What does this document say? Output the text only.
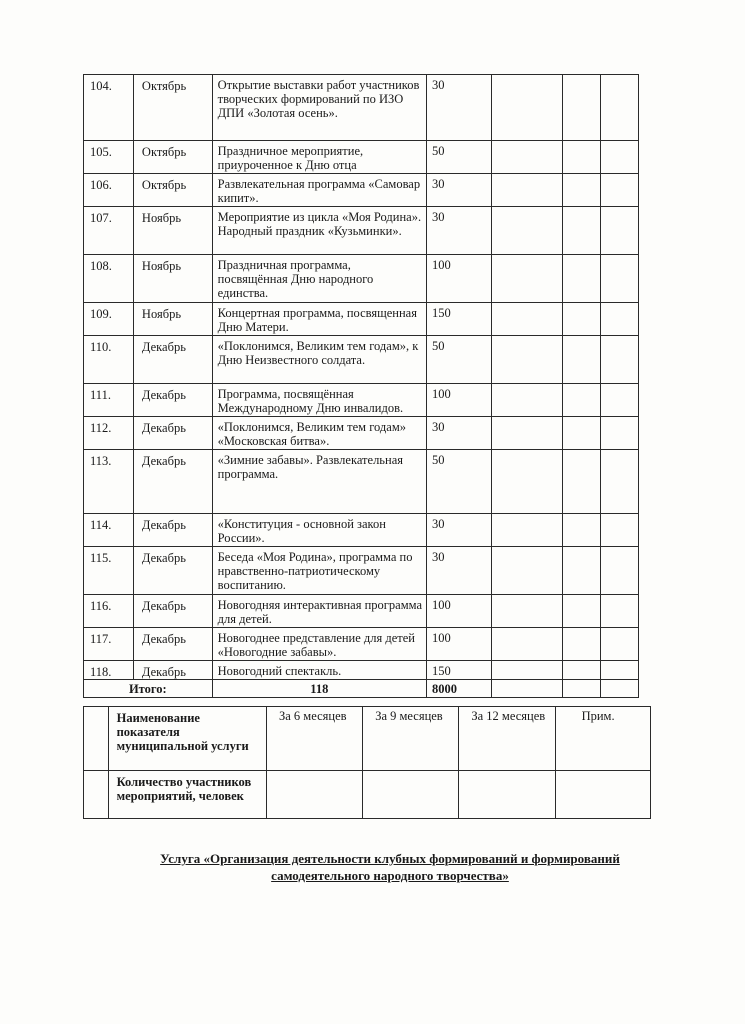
104.	Октябрь	Открытие выставки работ участников творческих формирований по ИЗО ДПИ «Золотая осень».	30			
105.	Октябрь	Праздничное мероприятие, приуроченное к Дню отца	50			
106.	Октябрь	Развлекательная программа «Самовар кипит».	30			
107.	Ноябрь	Мероприятие из цикла «Моя Родина». Народный праздник «Кузьминки».	30			
108.	Ноябрь	Праздничная программа, посвящённая Дню народного единства.	100			
109.	Ноябрь	Концертная программа, посвященная Дню Матери.	150			
110.	Декабрь	«Поклонимся, Великим тем годам», к Дню Неизвестного солдата.	50			
111.	Декабрь	Программа, посвящённая Международному Дню инвалидов.	100			
112.	Декабрь	«Поклонимся, Великим тем годам» «Московская битва».	30			
113.	Декабрь	«Зимние забавы». Развлекательная программа.	50			
114.	Декабрь	«Конституция - основной закон России».	30			
115.	Декабрь	Беседа «Моя Родина», программа по нравственно-патриотическому воспитанию.	30			
116.	Декабрь	Новогодняя интерактивная программа для детей.	100			
117.	Декабрь	Новогоднее представление для детей «Новогодние забавы».	100			
118.	Декабрь	Новогодний спектакль.	150			
Итого:		118	8000			
	Наименование показателя муниципальной услуги	За 6 месяцев	За 9 месяцев	За 12 месяцев	Прим.
	Количество участников мероприятий, человек				
Услуга «Организация деятельности клубных формирований и формирований
самодеятельного народного творчества»
